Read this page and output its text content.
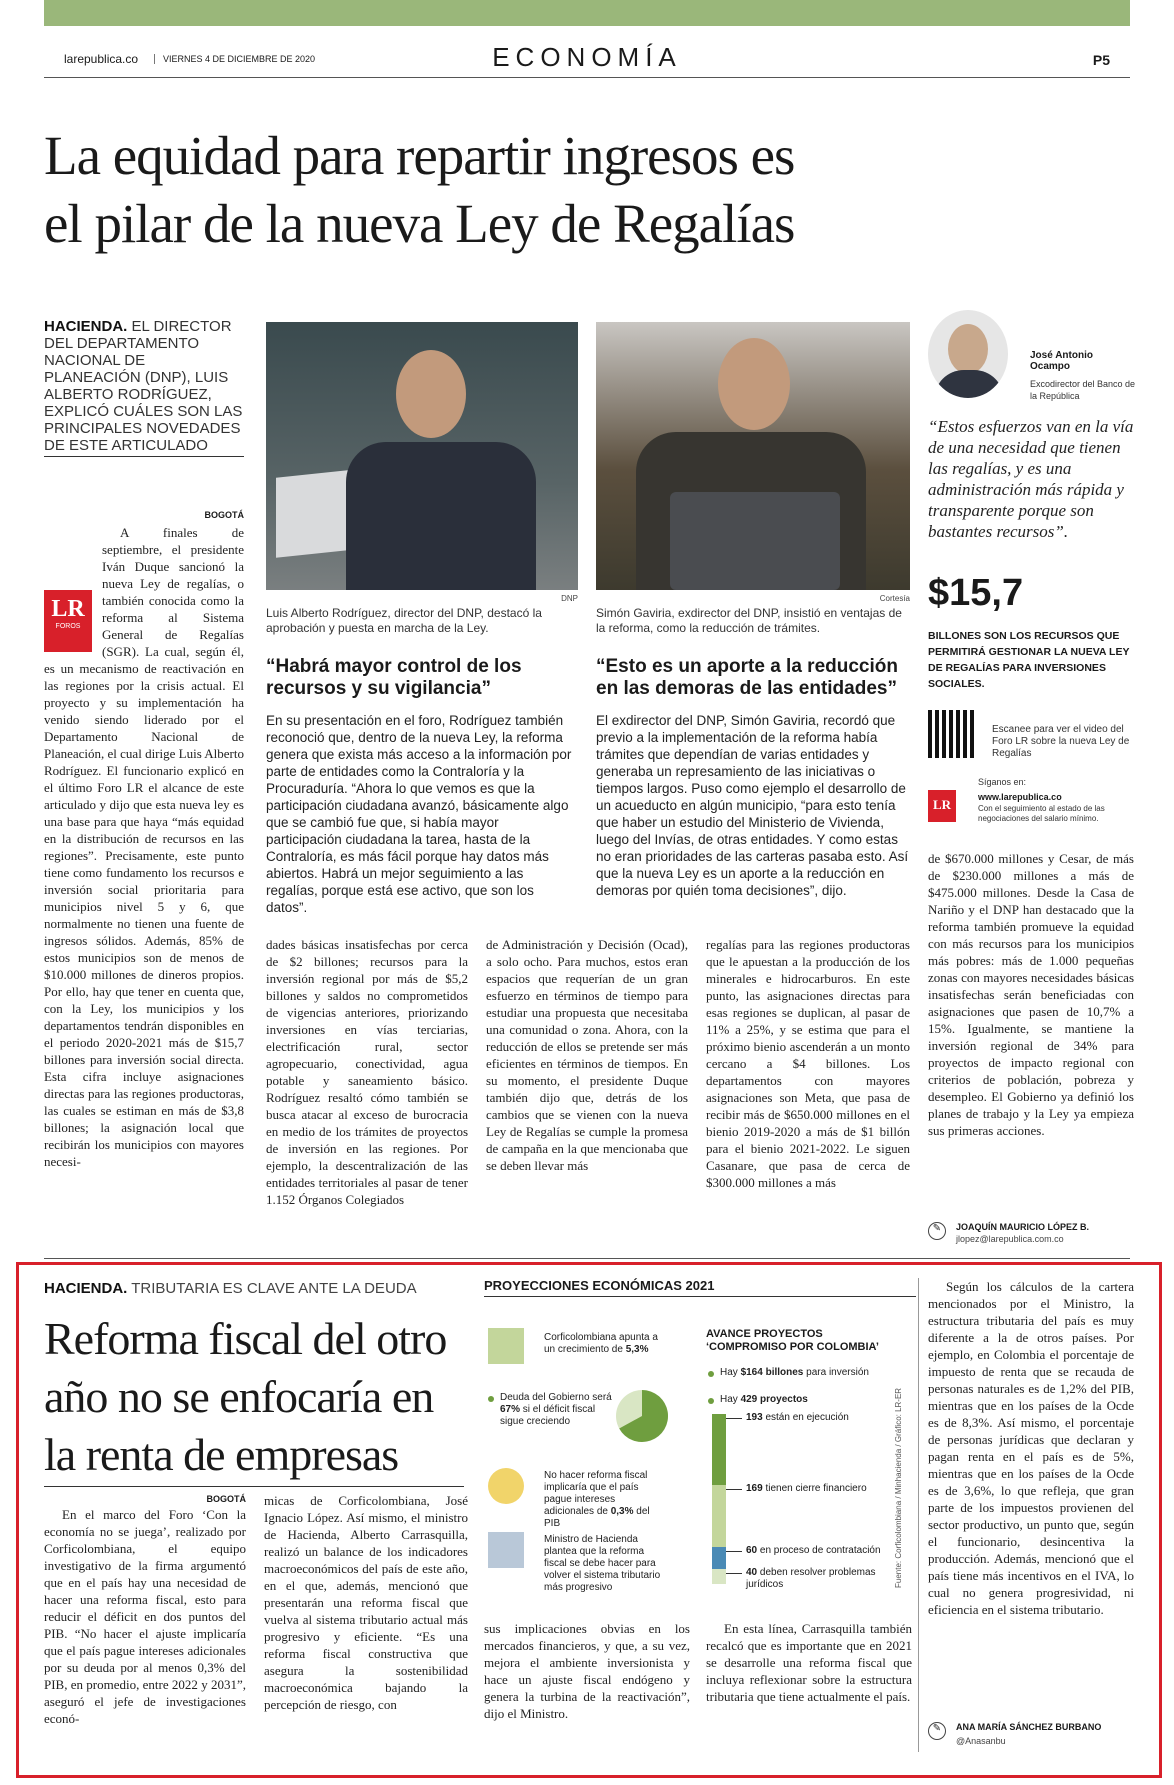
larepublica.co	VIERNES 4 DE DICIEMBRE DE 2020	ECONOMÍA	P5
La equidad para repartir ingresos es
el pilar de la nueva Ley de Regalías
HACIENDA. EL DIRECTOR DEL DEPARTAMENTO NACIONAL DE PLANEACIÓN (DNP), LUIS ALBERTO RODRÍGUEZ, EXPLICÓ CUÁLES SON LAS PRINCIPALES NOVEDADES DE ESTE ARTICULADO
BOGOTÁ
LR
FOROS
A finales de septiembre, el presidente Iván Duque sancionó la nueva Ley de regalías, o también conocida como la reforma al Sistema General de Regalías (SGR). La cual, según él, es un mecanismo de reactivación en las regiones por la crisis actual. El proyecto y su implementación ha venido siendo liderado por el Departamento Nacional de Planeación, el cual dirige Luis Alberto Rodríguez. El funcionario explicó en el último Foro LR el alcance de este articulado y dijo que esta nueva ley es una base para que haya “más equidad en la distribución de recursos en las regiones”. Precisamente, este punto tiene como fundamento los recursos e inversión social prioritaria para municipios nivel 5 y 6, que normalmente no tienen una fuente de ingresos sólidos. Además, 85% de estos municipios son de menos de $10.000 millones de dineros propios. Por ello, hay que tener en cuenta que, con la Ley, los municipios y los departamentos tendrán disponibles en el periodo 2020-2021 más de $15,7 billones para inversión social directa. Esta cifra incluye asignaciones directas para las regiones productoras, las cuales se estiman en más de $3,8 billones; la asignación local que recibirán los municipios con mayores necesi-
DNP
Luis Alberto Rodríguez, director del DNP, destacó la aprobación y puesta en marcha de la Ley.
Cortesía
Simón Gaviria, exdirector del DNP, insistió en ventajas de la reforma, como la reducción de trámites.
“Habrá mayor control de los recursos y su vigilancia”
En su presentación en el foro, Rodríguez también reconoció que, dentro de la nueva Ley, la reforma genera que exista más acceso a la información por parte de entidades como la Contraloría y la Procuraduría. “Ahora lo que vemos es que la participación ciudadana avanzó, básicamente algo que se cambió fue que, si había mayor participación ciudadana la tarea, hasta de la Contraloría, es más fácil porque hay datos más abiertos. Habrá un mejor seguimiento a las regalías, porque está ese activo, que son los datos”.
“Esto es un aporte a la reducción en las demoras de las entidades”
El exdirector del DNP, Simón Gaviria, recordó que previo a la implementación de la reforma había trámites que dependían de varias entidades y generaba un represamiento de las iniciativas o tiempos largos. Puso como ejemplo el desarrollo de un acueducto en algún municipio, “para esto tenía que haber un estudio del Ministerio de Vivienda, luego del Invías, de otras entidades. Y como estas no eran prioridades de las carteras pasaba esto. Así que la nueva Ley es un aporte a la reducción en demoras por quién toma decisiones”, dijo.
dades básicas insatisfechas por cerca de $2 billones; recursos para la inversión regional por más de $5,2 billones y saldos no comprometidos de vigencias anteriores, priorizando inversiones en vías terciarias, electrificación rural, sector agropecuario, conectividad, agua potable y saneamiento básico. Rodríguez resaltó cómo también se busca atacar al exceso de burocracia en medio de los trámites de proyectos de inversión en las regiones. Por ejemplo, la descentralización de las entidades territoriales al pasar de tener 1.152 Órganos Colegiados
de Administración y Decisión (Ocad), a solo ocho. Para muchos, estos eran espacios que requerían de un gran esfuerzo en términos de tiempo para estudiar una propuesta que necesitaba una comunidad o zona. Ahora, con la reducción de ellos se pretende ser más eficientes en términos de tiempos. En su momento, el presidente Duque también dijo que, detrás de los cambios que se vienen con la nueva Ley de Regalías se cumple la promesa de campaña en la que mencionaba que se deben llevar más
regalías para las regiones productoras que le apuestan a la producción de los minerales e hidrocarburos. En este punto, las asignaciones directas para esas regiones se duplican, al pasar de 11% a 25%, y se estima que para el próximo bienio ascenderán a un monto cercano a $4 billones. Los departamentos con mayores asignaciones son Meta, que pasa de recibir más de $650.000 millones en el bienio 2019-2020 a más de $1 billón para el bienio 2021-2022. Le siguen Casanare, que pasa de cerca de $300.000 millones a más
José Antonio Ocampo
Excodirector del Banco de la República
“Estos esfuerzos van en la vía de una necesidad que tienen las regalías, y es una administración más rápida y transparente porque son bastantes recursos”.
$15,7
BILLONES SON LOS RECURSOS QUE PERMITIRÁ GESTIONAR LA NUEVA LEY DE REGALÍAS PARA INVERSIONES SOCIALES.
Escanee para ver el video del Foro LR sobre la nueva Ley de Regalías
Síganos en:
LR	www.larepublica.co
Con el seguimiento al estado de las negociaciones del salario mínimo.
de $670.000 millones y Cesar, de más de $230.000 millones a más de $475.000 millones. Desde la Casa de Nariño y el DNP han destacado que la reforma también promueve la equidad con más recursos para los municipios más pobres: más de 1.000 pequeñas zonas con mayores necesidades básicas insatisfechas serán beneficiadas con asignaciones que pasen de 10,7% a 15%. Igualmente, se mantiene la inversión regional de 34% para proyectos de impacto regional con criterios de población, pobreza y desempleo. El Gobierno ya definió los planes de trabajo y la Ley ya empieza sus primeras acciones.
✎	JOAQUÍN MAURICIO LÓPEZ B.
jlopez@larepublica.com.co
HACIENDA. TRIBUTARIA ES CLAVE ANTE LA DEUDA
Reforma fiscal del otro
año no se enfocaría en
la renta de empresas
BOGOTÁ
En el marco del Foro ‘Con la economía no se juega’, realizado por Corficolombiana, el equipo investigativo de la firma argumentó que en el país hay una necesidad de hacer una reforma fiscal, esto para reducir el déficit en dos puntos del PIB. “No hacer el ajuste implicaría que el país pague intereses adicionales por su deuda por al menos 0,3% del PIB, en promedio, entre 2022 y 2031”, aseguró el jefe de investigaciones econó-
micas de Corficolombiana, José Ignacio López. Así mismo, el ministro de Hacienda, Alberto Carrasquilla, realizó un balance de los indicadores macroeconómicos del país de este año, en el que, además, mencionó que presentarán una reforma fiscal que vuelva al sistema tributario actual más progresivo y eficiente. “Es una reforma fiscal constructiva que asegura la sostenibilidad macroeconómica bajando la percepción de riesgo, con
PROYECCIONES ECONÓMICAS 2021
Corficolombiana apunta a un crecimiento de 5,3%
Deuda del Gobierno será 67% si el déficit fiscal sigue creciendo
No hacer reforma fiscal implicaría que el país pague intereses adicionales de 0,3% del PIB
Ministro de Hacienda plantea que la reforma fiscal se debe hacer para volver el sistema tributario más progresivo
AVANCE PROYECTOS ‘COMPROMISO POR COLOMBIA’
Hay $164 billones para inversión
Hay 429 proyectos
193 están en ejecución
169 tienen cierre financiero
60 en proceso de contratación
40 deben resolver problemas jurídicos	Fuente: Corficolombiana / Minhacienda / Gráfico: LR-ER
sus implicaciones obvias en los mercados financieros, y que, a su vez, mejora el ambiente inversionista y hace un ajuste fiscal endógeno y genera la turbina de la reactivación”, dijo el Ministro.
En esta línea, Carrasquilla también recalcó que es importante que en 2021 se desarrolle una reforma fiscal que incluya reflexionar sobre la estructura tributaria que tiene actualmente el país.
Según los cálculos de la cartera mencionados por el Ministro, la estructura tributaria del país es muy diferente a la de otros países. Por ejemplo, en Colombia el porcentaje de impuesto de renta que se recauda de personas naturales es de 1,2% del PIB, mientras que en los países de la Ocde es de 8,3%. Así mismo, el porcentaje de personas jurídicas que declaran y pagan renta en el país es de 5%, mientras que en los países de la Ocde es de 3,6%, lo que refleja, que gran parte de los impuestos provienen del sector productivo, un punto que, según el funcionario, desincentiva la producción. Además, mencionó que el país tiene más incentivos en el IVA, lo cual no genera progresividad, ni eficiencia en el sistema tributario.
✎	ANA MARÍA SÁNCHEZ BURBANO
@Anasanbu
